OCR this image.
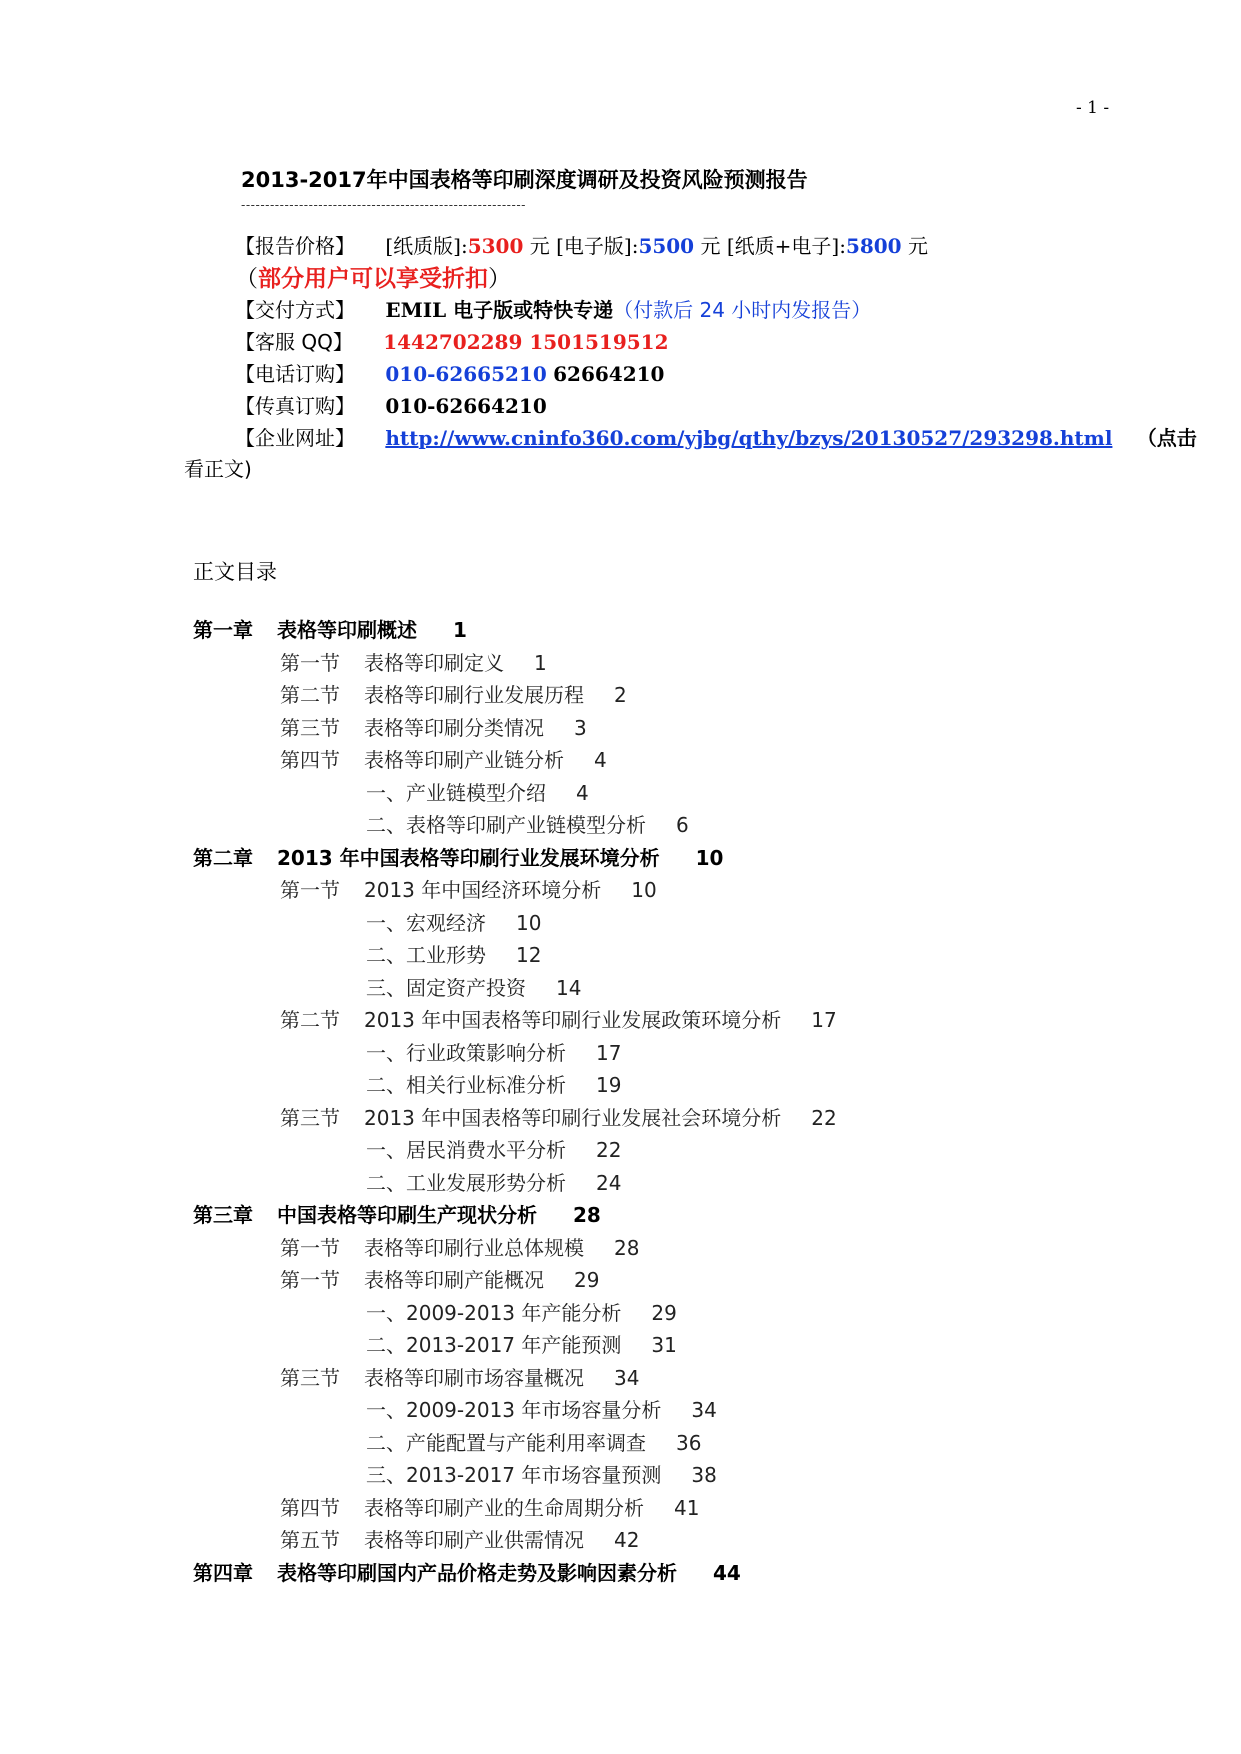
- 1 -
2013-2017年中国表格等印刷深度调研及投资风险预测报告
-----------------------------------------------------------
【报告价格】 [纸质版]:5300 元 [电子版]:5500 元 [纸质+电子]:5800 元
（部分用户可以享受折扣）
【交付方式】 EMIL 电子版或特快专递（付款后 24 小时内发报告）
【客服 QQ】 1442702289 1501519512
【电话订购】 010-62665210 62664210
【传真订购】 010-62664210
【企业网址】 http://www.cninfo360.com/yjbg/qthy/bzys/20130527/293298.html （点击
看正文)
正文目录
第一章 表格等印刷概述 1
第一节 表格等印刷定义 1
第二节 表格等印刷行业发展历程 2
第三节 表格等印刷分类情况 3
第四节 表格等印刷产业链分析 4
一、产业链模型介绍 4
二、表格等印刷产业链模型分析 6
第二章 2013 年中国表格等印刷行业发展环境分析 10
第一节 2013 年中国经济环境分析 10
一、宏观经济 10
二、工业形势 12
三、固定资产投资 14
第二节 2013 年中国表格等印刷行业发展政策环境分析 17
一、行业政策影响分析 17
二、相关行业标准分析 19
第三节 2013 年中国表格等印刷行业发展社会环境分析 22
一、居民消费水平分析 22
二、工业发展形势分析 24
第三章 中国表格等印刷生产现状分析 28
第一节 表格等印刷行业总体规模 28
第一节 表格等印刷产能概况 29
一、2009-2013 年产能分析 29
二、2013-2017 年产能预测 31
第三节 表格等印刷市场容量概况 34
一、2009-2013 年市场容量分析 34
二、产能配置与产能利用率调查 36
三、2013-2017 年市场容量预测 38
第四节 表格等印刷产业的生命周期分析 41
第五节 表格等印刷产业供需情况 42
第四章 表格等印刷国内产品价格走势及影响因素分析 44
